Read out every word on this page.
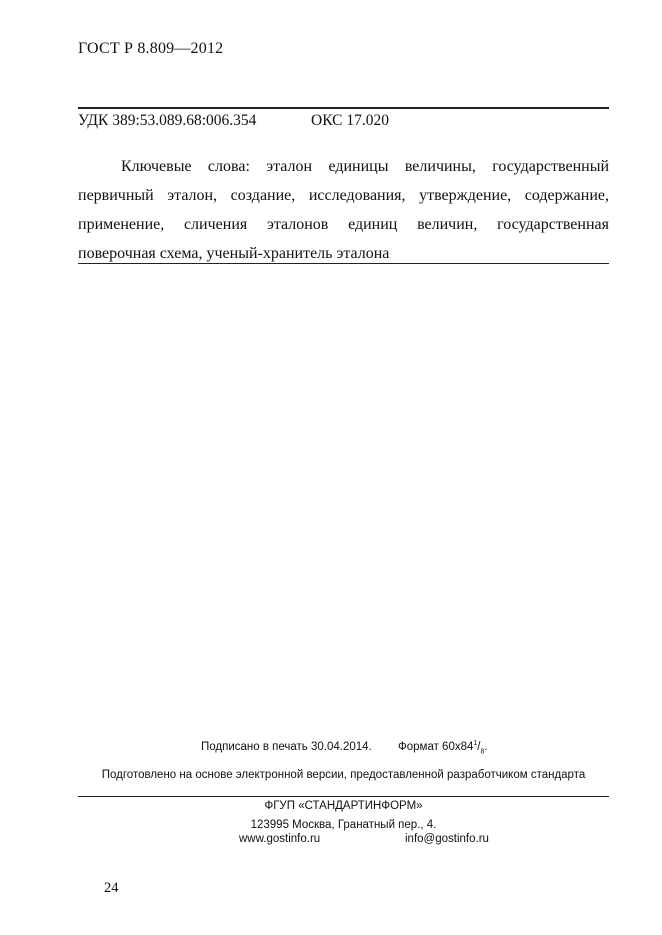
ГОСТ Р 8.809—2012
УДК 389:53.089.68:006.354	ОКС 17.020

Ключевые слова: эталон единицы величины, государственный первичный эталон, создание, исследования, утверждение, содержание, применение, сличения эталонов единиц величин, государственная поверочная схема, ученый-хранитель эталона

Подписано в печать 30.04.2014. Формат $60x84^1/_8$.
Подготовлено на основе электронной версии, предоставленной разработчиком стандарта
ФГУП «СТАНДАРТИНФОРМ»
123995 Москва, Гранатный пер., 4.
www.gostinfo.ru	info@gostinfo.ru
24
